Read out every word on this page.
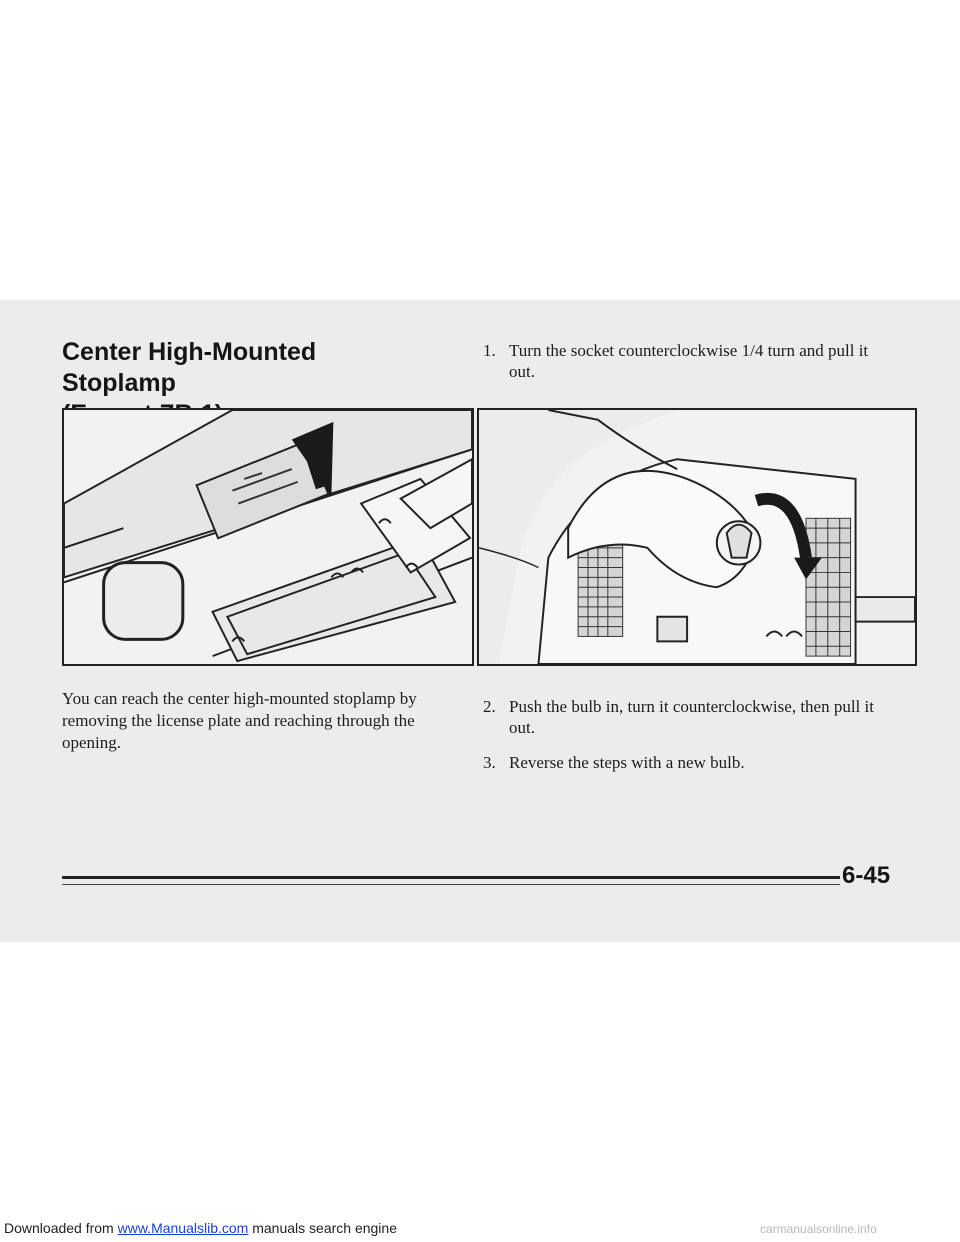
Center High-Mounted Stoplamp

1. Turn the socket counterclockwise 1/4 turn and pull it out.

You can reach the center high-mounted stoplamp by removing the license plate and reaching through the opening.

2. Push the bulb in, turn it counterclockwise, then pull it out.
3. Reverse the steps with a new bulb.
6-45
Downloaded from www.Manualslib.com manuals search engine	carmanualsonline.info
